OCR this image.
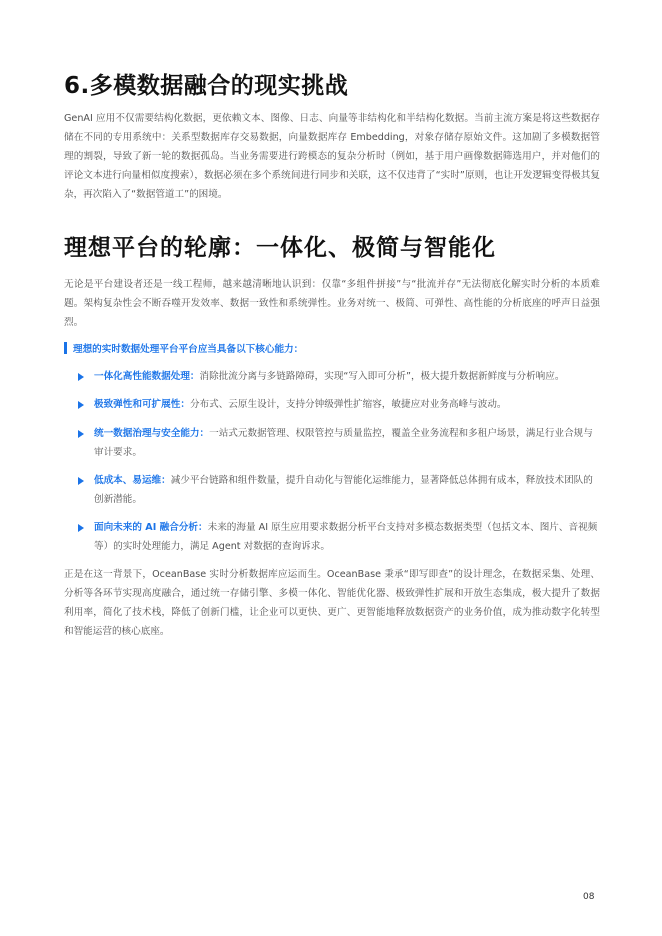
6.多模数据融合的现实挑战

GenAI 应用不仅需要结构化数据，更依赖文本、图像、日志、向量等非结构化和半结构化数据。当前主流方案是将这些数据存储在不同的专用系统中：关系型数据库存交易数据，向量数据库存 Embedding，对象存储存原始文件。这加剧了多模数据管理的割裂，导致了新一轮的数据孤岛。当业务需要进行跨模态的复杂分析时（例如，基于用户画像数据筛选用户，并对他们的评论文本进行向量相似度搜索），数据必须在多个系统间进行同步和关联，这不仅违背了“实时”原则，也让开发逻辑变得极其复杂，再次陷入了“数据管道工”的困境。

理想平台的轮廓：一体化、极简与智能化

无论是平台建设者还是一线工程师，越来越清晰地认识到：仅靠“多组件拼接”与“批流并存”无法彻底化解实时分析的本质难题。架构复杂性会不断吞噬开发效率、数据一致性和系统弹性。业务对统一、极简、可弹性、高性能的分析底座的呼声日益强烈。

理想的实时数据处理平台平台应当具备以下核心能力：
一体化高性能数据处理：消除批流分离与多链路障碍，实现“写入即可分析”，极大提升数据新鲜度与分析响应。
极致弹性和可扩展性：分布式、云原生设计，支持分钟级弹性扩缩容，敏捷应对业务高峰与波动。
统一数据治理与安全能力：一站式元数据管理、权限管控与质量监控，覆盖全业务流程和多租户场景，满足行业合规与审计要求。
低成本、易运维：减少平台链路和组件数量，提升自动化与智能化运维能力，显著降低总体拥有成本，释放技术团队的创新潜能。
面向未来的 AI 融合分析：未来的海量 AI 原生应用要求数据分析平台支持对多模态数据类型（包括文本、图片、音视频等）的实时处理能力，满足 Agent 对数据的查询诉求。

正是在这一背景下，OceanBase 实时分析数据库应运而生。OceanBase 秉承“即写即查”的设计理念，在数据采集、处理、分析等各环节实现高度融合，通过统一存储引擎、多模一体化、智能优化器、极致弹性扩展和开放生态集成，极大提升了数据利用率，简化了技术栈，降低了创新门槛，让企业可以更快、更广、更智能地释放数据资产的业务价值，成为推动数字化转型和智能运营的核心底座。

08
